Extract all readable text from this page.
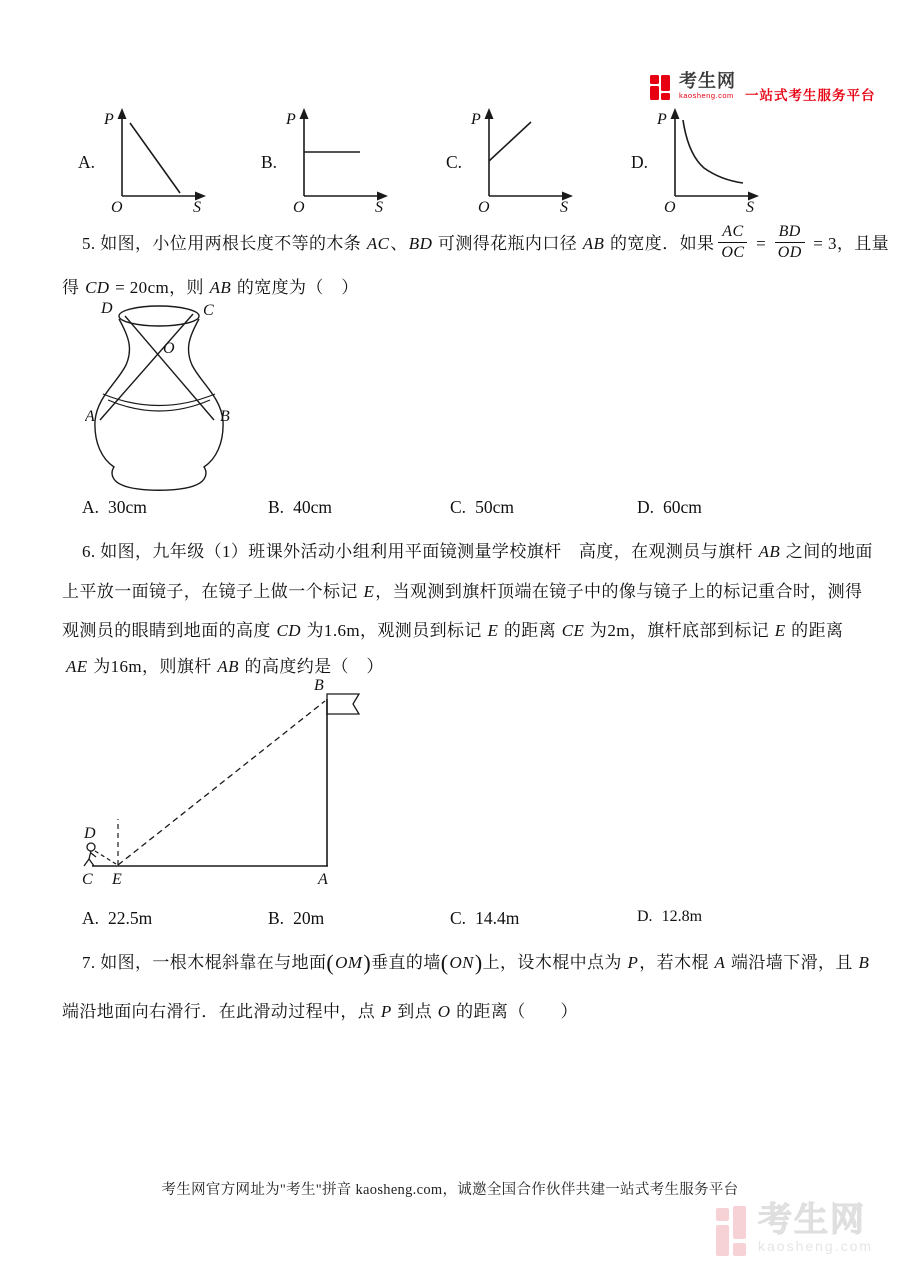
考生网
kaosheng.com 一站式考生服务平台
A.
P
O	S
B.
P
O	S
C.
P
O	S
D.
P
O	S

5. 如图，小位用两根长度不等的木条 AC、BD 可测得花瓶内口径 AB 的宽度．如果 $\frac{AC}{OC} = \frac{BD}{OD} = 3$，且量

得 CD = 20cm，则 AB 的宽度为（　）

D	C
O
A	B
A. 30cm	B. 40cm	C. 50cm	D. 60cm

6. 如图，九年级（1）班课外活动小组利用平面镜测量学校旗杆　高度，在观测员与旗杆 AB 之间的地面

上平放一面镜子，在镜子上做一个标记 E，当观测到旗杆顶端在镜子中的像与镜子上的标记重合时，测得

观测员的眼睛到地面的高度 CD 为1.6m，观测员到标记 E 的距离 CE 为2m，旗杆底部到标记 E 的距离

AE 为16m，则旗杆 AB 的高度约是（　）

B
D
C E	A
A. 22.5m	B. 20m	C. 14.4m	D. 12.8m

7. 如图，一根木棍斜靠在与地面(OM)垂直的墙(ON)上，设木棍中点为 P，若木棍 A 端沿墙下滑，且 B

端沿地面向右滑行．在此滑动过程中，点 P 到点 O 的距离（　　）

考生网官方网址为"考生"拼音 kaosheng.com，诚邀全国合作伙伴共建一站式考生服务平台
考生网
kaosheng.com
